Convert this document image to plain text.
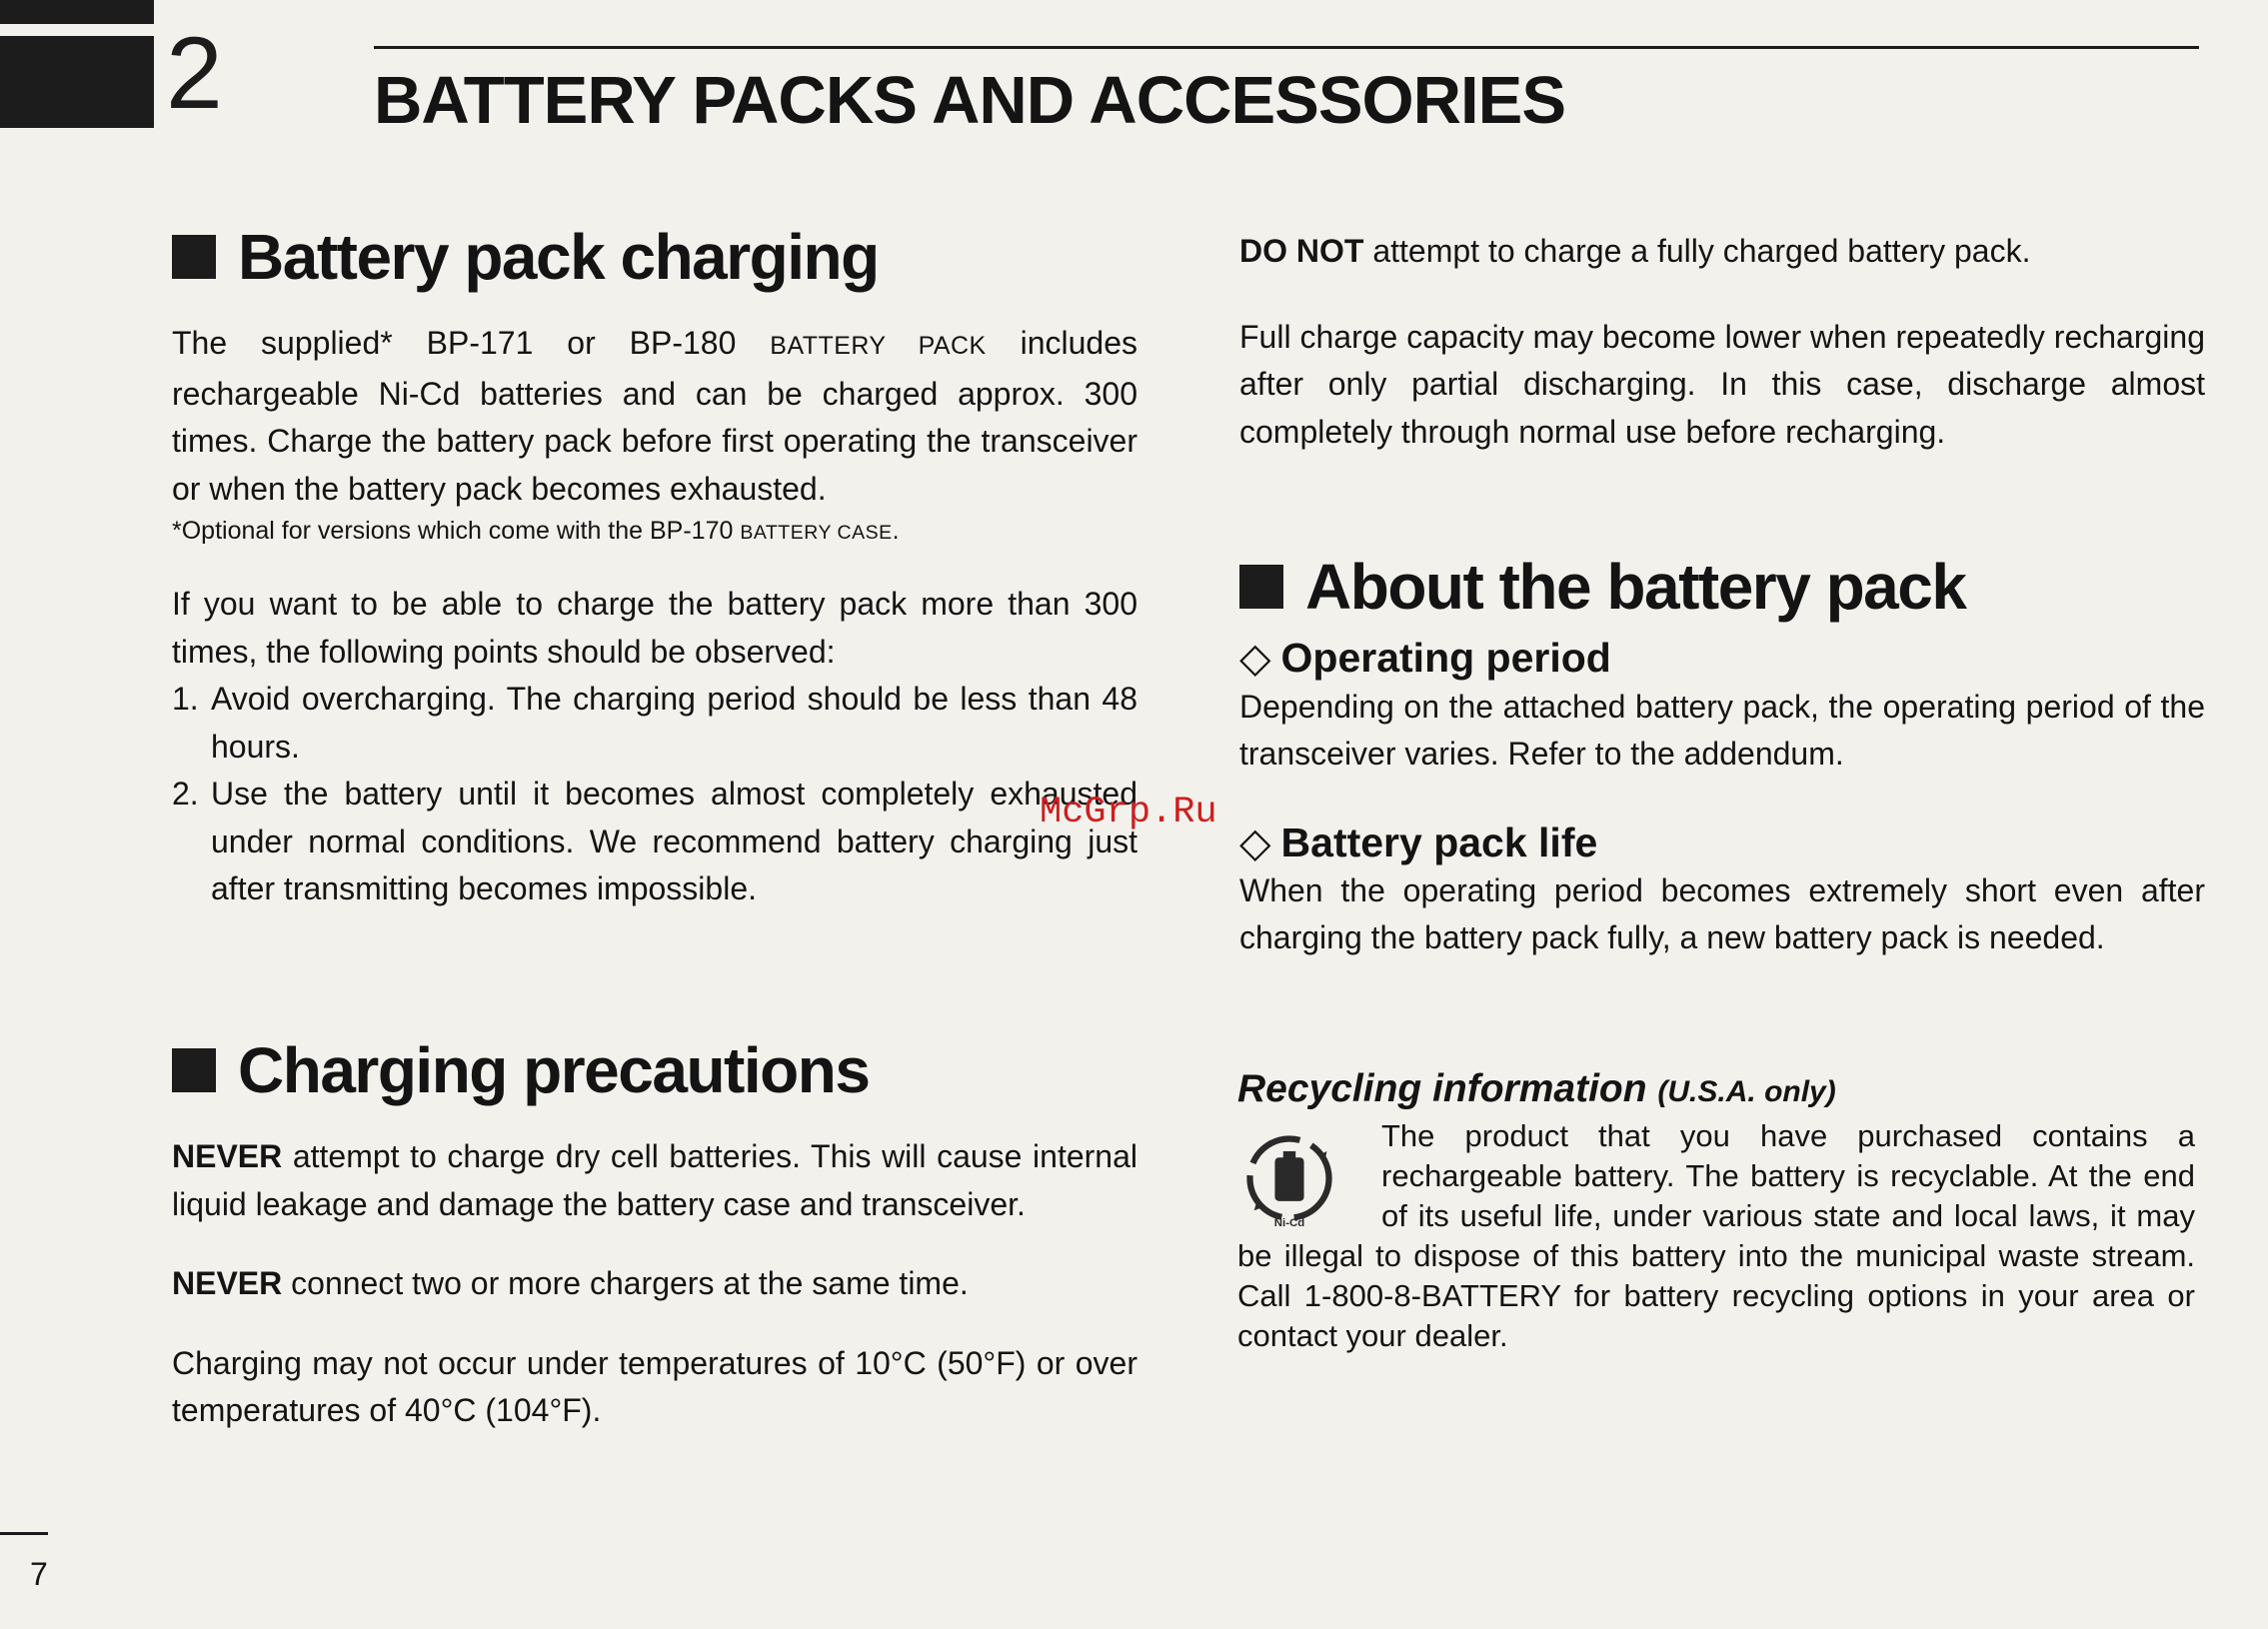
2 BATTERY PACKS AND ACCESSORIES
Battery pack charging

The supplied* BP-171 or BP-180 BATTERY PACK includes rechargeable Ni-Cd batteries and can be charged approx. 300 times. Charge the battery pack before first operating the transceiver or when the battery pack becomes exhausted.

*Optional for versions which come with the BP-170 BATTERY CASE.

If you want to be able to charge the battery pack more than 300 times, the following points should be observed:

1. Avoid overcharging. The charging period should be less than 48 hours.
2. Use the battery until it becomes almost completely exhausted under normal conditions. We recommend battery charging just after transmitting becomes impossible.
Charging precautions

NEVER attempt to charge dry cell batteries. This will cause internal liquid leakage and damage the battery case and transceiver.

NEVER connect two or more chargers at the same time.

Charging may not occur under temperatures of 10°C (50°F) or over temperatures of 40°C (104°F).

DO NOT attempt to charge a fully charged battery pack.

Full charge capacity may become lower when repeatedly recharging after only partial discharging. In this case, discharge almost completely through normal use before recharging.

About the battery pack
◇ Operating period

Depending on the attached battery pack, the operating period of the transceiver varies. Refer to the addendum.

◇ Battery pack life

When the operating period becomes extremely short even after charging the battery pack fully, a new battery pack is needed.

Recycling information (U.S.A. only)
Ni-Cd
The product that you have purchased contains a rechargeable battery. The battery is recyclable. At the end of its useful life, under various state and local laws, it may be illegal to dispose of this battery into the municipal waste stream. Call 1-800-8-BATTERY for battery recycling options in your area or contact your dealer.
McGrp.Ru
7
